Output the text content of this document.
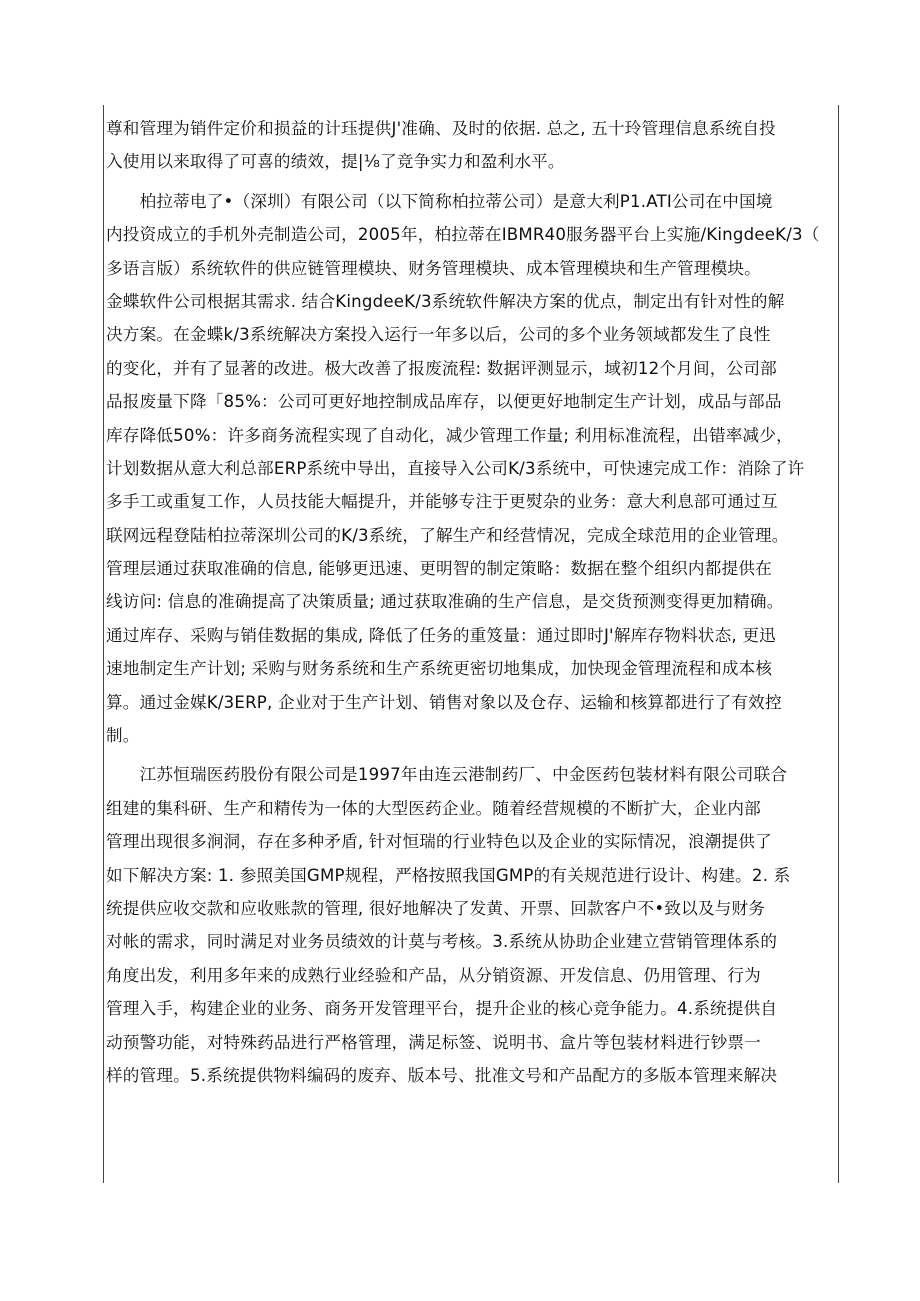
尊和管理为销件定价和损益的计珏提供J'准确、及时的依据. 总之, 五十玲管理信息系统自投
入使用以来取得了可喜的绩效，提|⅛了竞争实力和盈利水平。
　　柏拉蒂电了•（深圳）有限公司（以下简称柏拉蒂公司）是意大利P1.ATI公司在中国境
内投资成立的手机外壳制造公司，2005年，柏拉蒂在IBMR40服务器平台上实施/KingdeeK/3（
多语言版）系统软件的供应链管理模块、财务管理模块、成本管理模块和生产管理模块。
金蝶软件公司根据其需求. 结合KingdeeK/3系统软件解决方案的优点，制定出有针对性的解
决方案。在金蝶k/3系统解决方案投入运行一年多以后，公司的多个业务领域都发生了良性
的变化，并有了显著的改进。极大改善了报废流程: 数据评测显示，域初12个月间，公司部
品报废量下降「85%：公司可更好地控制成品库存，以便更好地制定生产计划，成品与部品
库存降低50%：许多商务流程实现了自动化，减少管理工作量; 利用标准流程，出错率减少，
计划数据从意大利总部ERP系统中导出，直接导入公司K/3系统中，可快速完成工作：消除了许
多手工或重复工作，人员技能大幅提升，并能够专注于更熨杂的业务：意大利息部可通过互
联网远程登陆柏拉蒂深圳公司的K/3系统，了解生产和经营情况，完成全球范用的企业管理。
管理层通过获取准确的信息, 能够更迅速、更明智的制定策略：数据在整个组织内都提供在
线访问: 信息的准确提高了决策质量; 通过获取准确的生产信息，是交货预测变得更加精确。
通过库存、采购与销佳数据的集成, 降低了任务的重笈量：通过即时J'解库存物料状态, 更迅
速地制定生产计划; 采购与财务系统和生产系统更密切地集成，加快现金管理流程和成本核
算。通过金媒K/3ERP, 企业对于生产计划、销售对象以及仓存、运输和核算都进行了有效控
制。
　　江苏恒瑞医药股份有限公司是1997年由连云港制药厂、中金医药包装材料有限公司联合
组建的集科研、生产和精传为一体的大型医药企业。随着经营规模的不断扩大，企业内部
管理出现很多涧洞，存在多种矛盾, 针对恒瑞的行业特色以及企业的实际情况，浪潮提供了
如下解决方案: 1. 参照美国GMP规程，严格按照我国GMP的有关规范进行设计、构建。2. 系
统提供应收交款和应收账款的管理, 很好地解决了发黄、开票、回款客户不•致以及与财务
对帐的需求，同时满足对业务员绩效的计莫与考核。3.系统从协助企业建立营销管理体系的
角度出发，利用多年来的成熟行业经验和产品，从分销资源、开发信息、仍用管理、行为
管理入手，构建企业的业务、商务开发管理平台，提升企业的核心竞争能力。4.系统提供自
动预警功能，对特殊药品进行严格管理，满足标签、说明书、盒片等包装材料进行钞票一
样的管理。5.系统提供物料编码的废弃、版本号、批准文号和产品配方的多版本管理来解决
